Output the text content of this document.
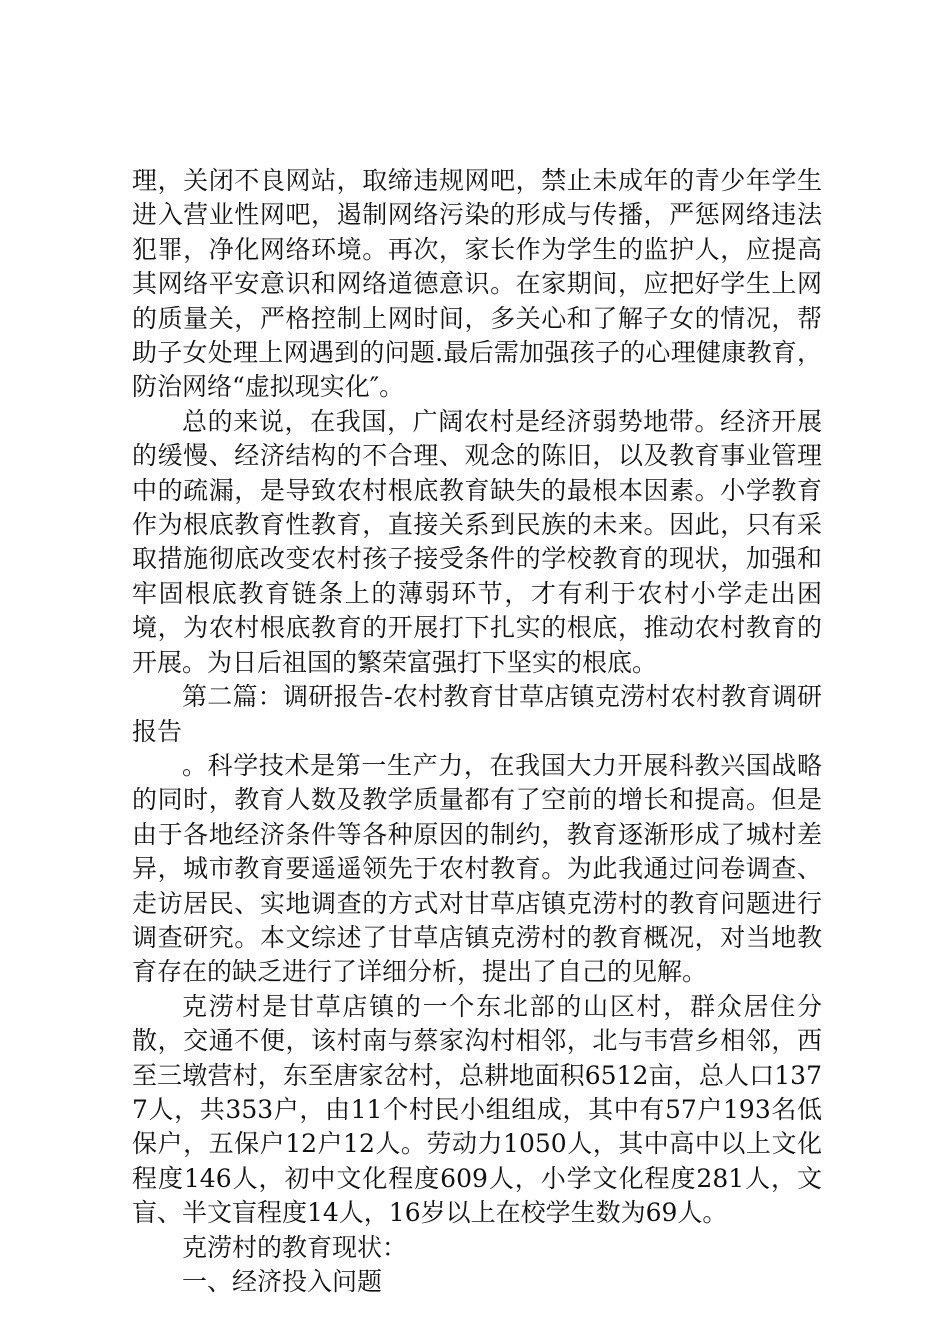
理，关闭不良网站，取缔违规网吧，禁止未成年的青少年学生进入营业性网吧，遏制网络污染的形成与传播，严惩网络违法犯罪，净化网络环境。再次，家长作为学生的监护人，应提高其网络平安意识和网络道德意识。在家期间，应把好学生上网的质量关，严格控制上网时间，多关心和了解子女的情况，帮助子女处理上网遇到的问题.最后需加强孩子的心理健康教育，防治网络“虚拟现实化″。

总的来说，在我国，广阔农村是经济弱势地带。经济开展的缓慢、经济结构的不合理、观念的陈旧，以及教育事业管理中的疏漏，是导致农村根底教育缺失的最根本因素。小学教育作为根底教育性教育，直接关系到民族的未来。因此，只有采取措施彻底改变农村孩子接受条件的学校教育的现状，加强和牢固根底教育链条上的薄弱环节，才有利于农村小学走出困境，为农村根底教育的开展打下扎实的根底，推动农村教育的开展。为日后祖国的繁荣富强打下坚实的根底。

第二篇：调研报告-农村教育甘草店镇克涝村农村教育调研报告

。科学技术是第一生产力，在我国大力开展科教兴国战略的同时，教育人数及教学质量都有了空前的增长和提高。但是由于各地经济条件等各种原因的制约，教育逐渐形成了城村差异，城市教育要遥遥领先于农村教育。为此我通过问卷调查、走访居民、实地调查的方式对甘草店镇克涝村的教育问题进行调查研究。本文综述了甘草店镇克涝村的教育概况，对当地教育存在的缺乏进行了详细分析，提出了自己的见解。

克涝村是甘草店镇的一个东北部的山区村，群众居住分散，交通不便，该村南与蔡家沟村相邻，北与韦营乡相邻，西至三墩营村，东至唐家岔村，总耕地面积6512亩，总人口1377人，共353户，由11个村民小组组成，其中有57户193名低保户，五保户12户12人。劳动力1050人，其中高中以上文化程度146人，初中文化程度609人，小学文化程度281人，文盲、半文盲程度14人，16岁以上在校学生数为69人。

克涝村的教育现状：

一、经济投入问题
